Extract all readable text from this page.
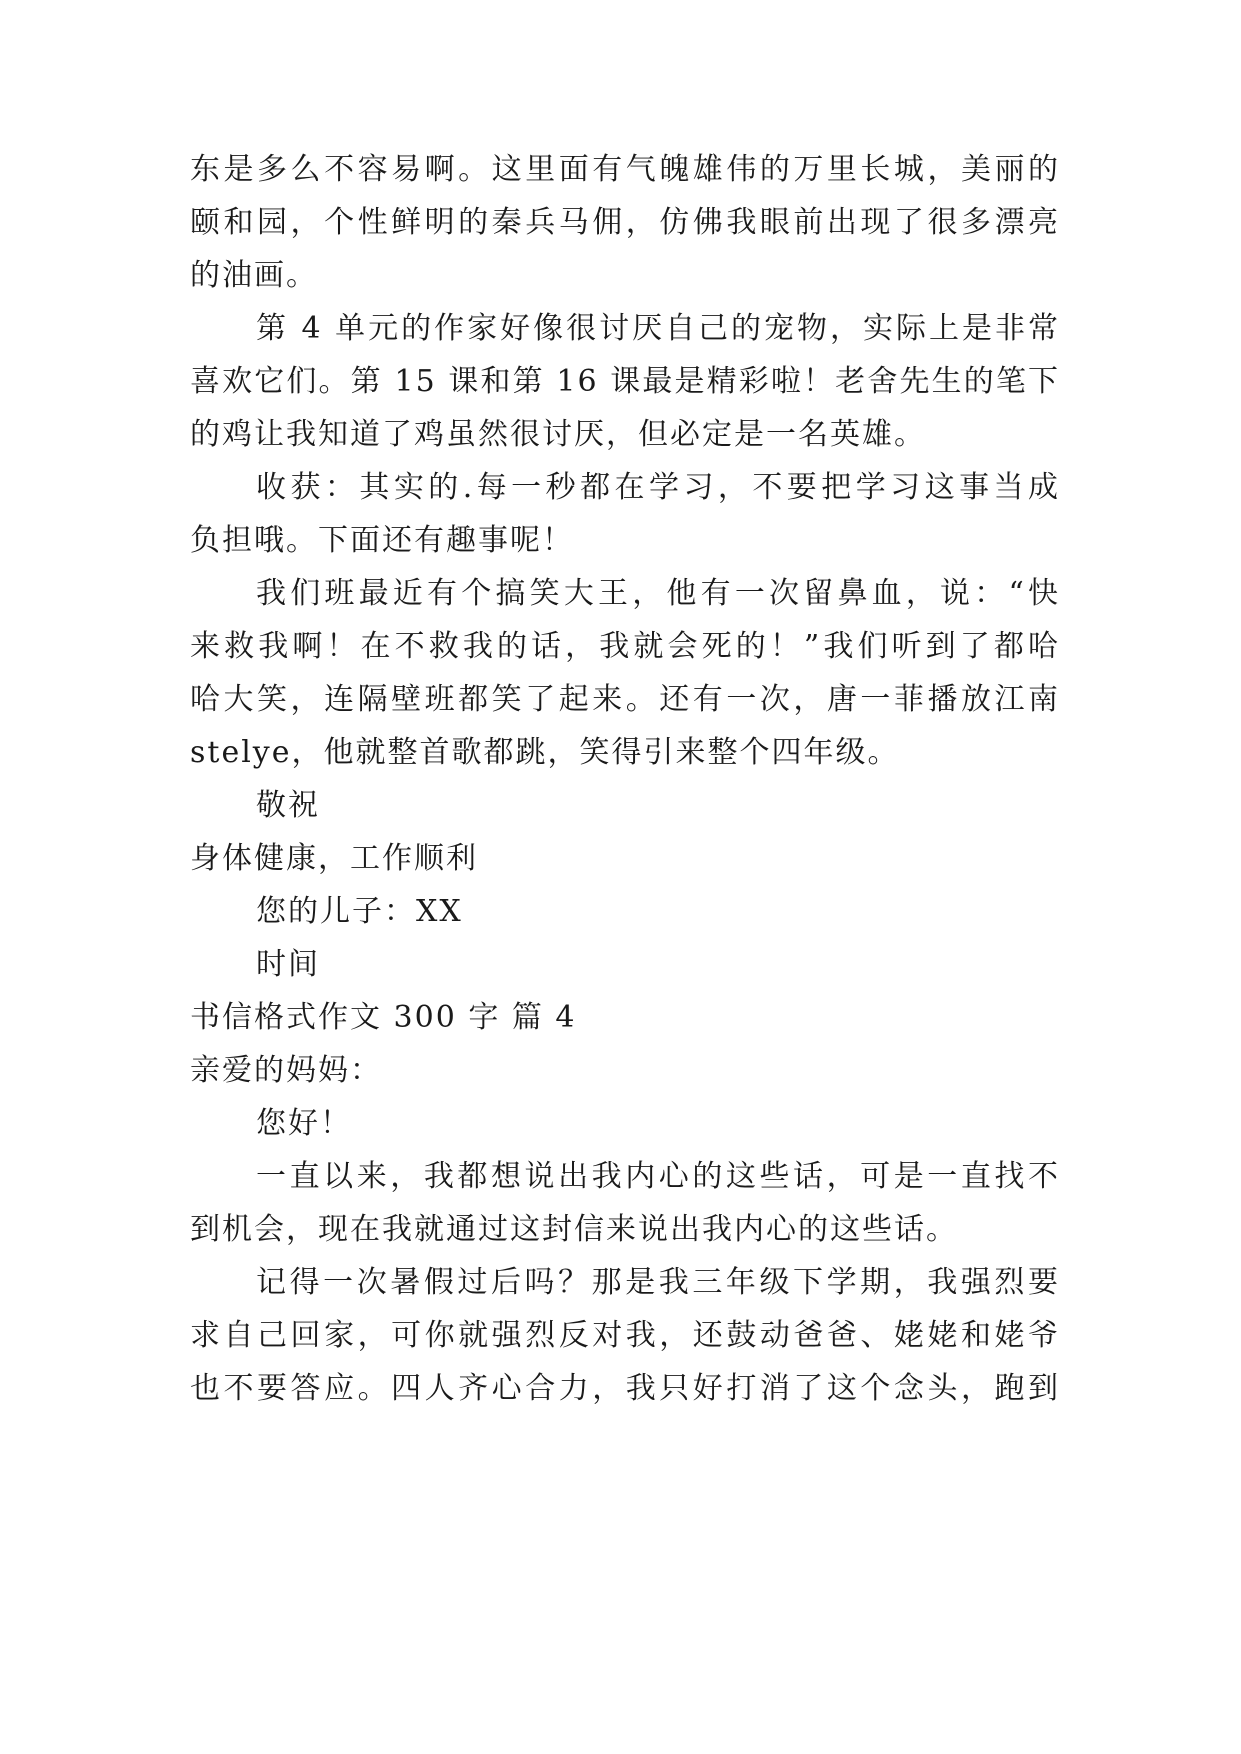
东是多么不容易啊。这里面有气魄雄伟的万里长城，美丽的
颐和园，个性鲜明的秦兵马佣，仿佛我眼前出现了很多漂亮
的油画。
第 4 单元的作家好像很讨厌自己的宠物，实际上是非常
喜欢它们。第 15 课和第 16 课最是精彩啦！老舍先生的笔下
的鸡让我知道了鸡虽然很讨厌，但必定是一名英雄。
收获：其实的.每一秒都在学习，不要把学习这事当成
负担哦。下面还有趣事呢！
我们班最近有个搞笑大王，他有一次留鼻血，说：“快
来救我啊！在不救我的话，我就会死的！”我们听到了都哈
哈大笑，连隔壁班都笑了起来。还有一次，唐一菲播放江南
stelye，他就整首歌都跳，笑得引来整个四年级。
敬祝
身体健康，工作顺利
您的儿子：XX
时间
书信格式作文 300 字 篇 4
亲爱的妈妈：
您好！
一直以来，我都想说出我内心的这些话，可是一直找不
到机会，现在我就通过这封信来说出我内心的这些话。
记得一次暑假过后吗？那是我三年级下学期，我强烈要
求自己回家，可你就强烈反对我，还鼓动爸爸、姥姥和姥爷
也不要答应。四人齐心合力，我只好打消了这个念头，跑到
